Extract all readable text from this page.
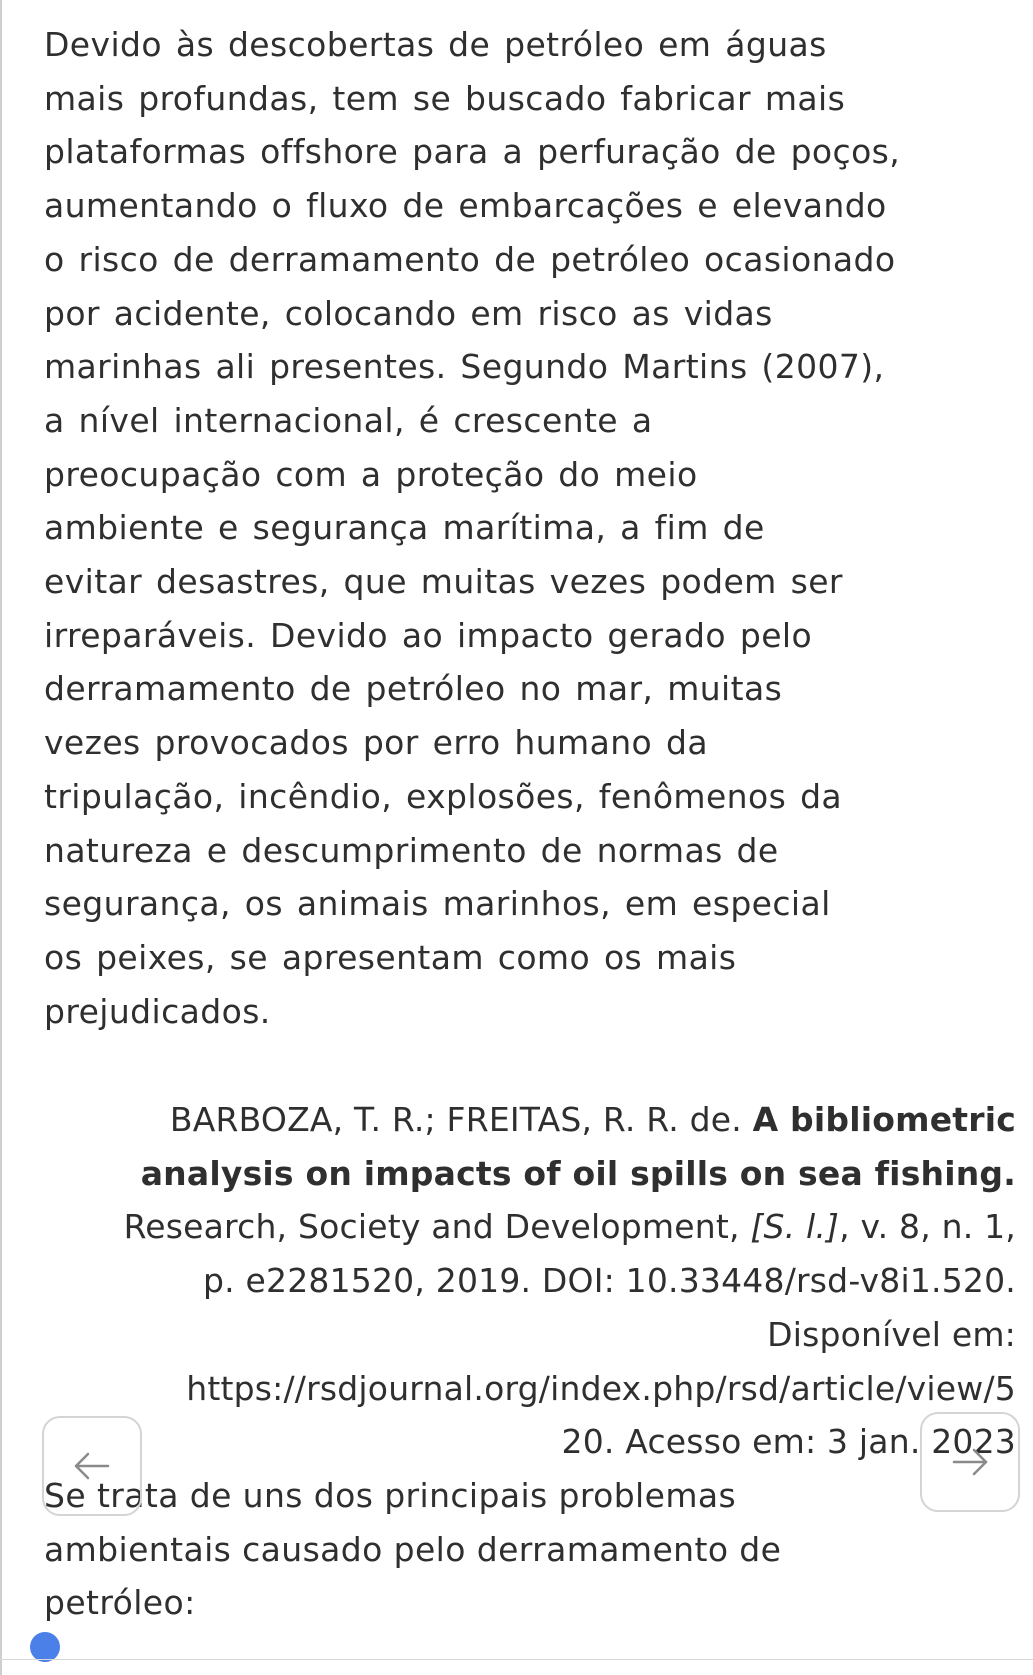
Devido às descobertas de petróleo em águas
mais profundas, tem se buscado fabricar mais
plataformas offshore para a perfuração de poços,
aumentando o fluxo de embarcações e elevando
o risco de derramamento de petróleo ocasionado
por acidente, colocando em risco as vidas
marinhas ali presentes. Segundo Martins (2007),
a nível internacional, é crescente a
preocupação com a proteção do meio
ambiente e segurança marítima, a fim de
evitar desastres, que muitas vezes podem ser
irreparáveis. Devido ao impacto gerado pelo
derramamento de petróleo no mar, muitas
vezes provocados por erro humano da
tripulação, incêndio, explosões, fenômenos da
natureza e descumprimento de normas de
segurança, os animais marinhos, em especial
os peixes, se apresentam como os mais
prejudicados.
BARBOZA, T. R.; FREITAS, R. R. de. A bibliometric
analysis on impacts of oil spills on sea fishing.
Research, Society and Development, [S. l.], v. 8, n. 1,
p. e2281520, 2019. DOI: 10.33448/rsd-v8i1.520.
Disponível em:
https://rsdjournal.org/index.php/rsd/article/view/5
20. Acesso em: 3 jan. 2023
Se trata de uns dos principais problemas
ambientais causado pelo derramamento de
petróleo:
